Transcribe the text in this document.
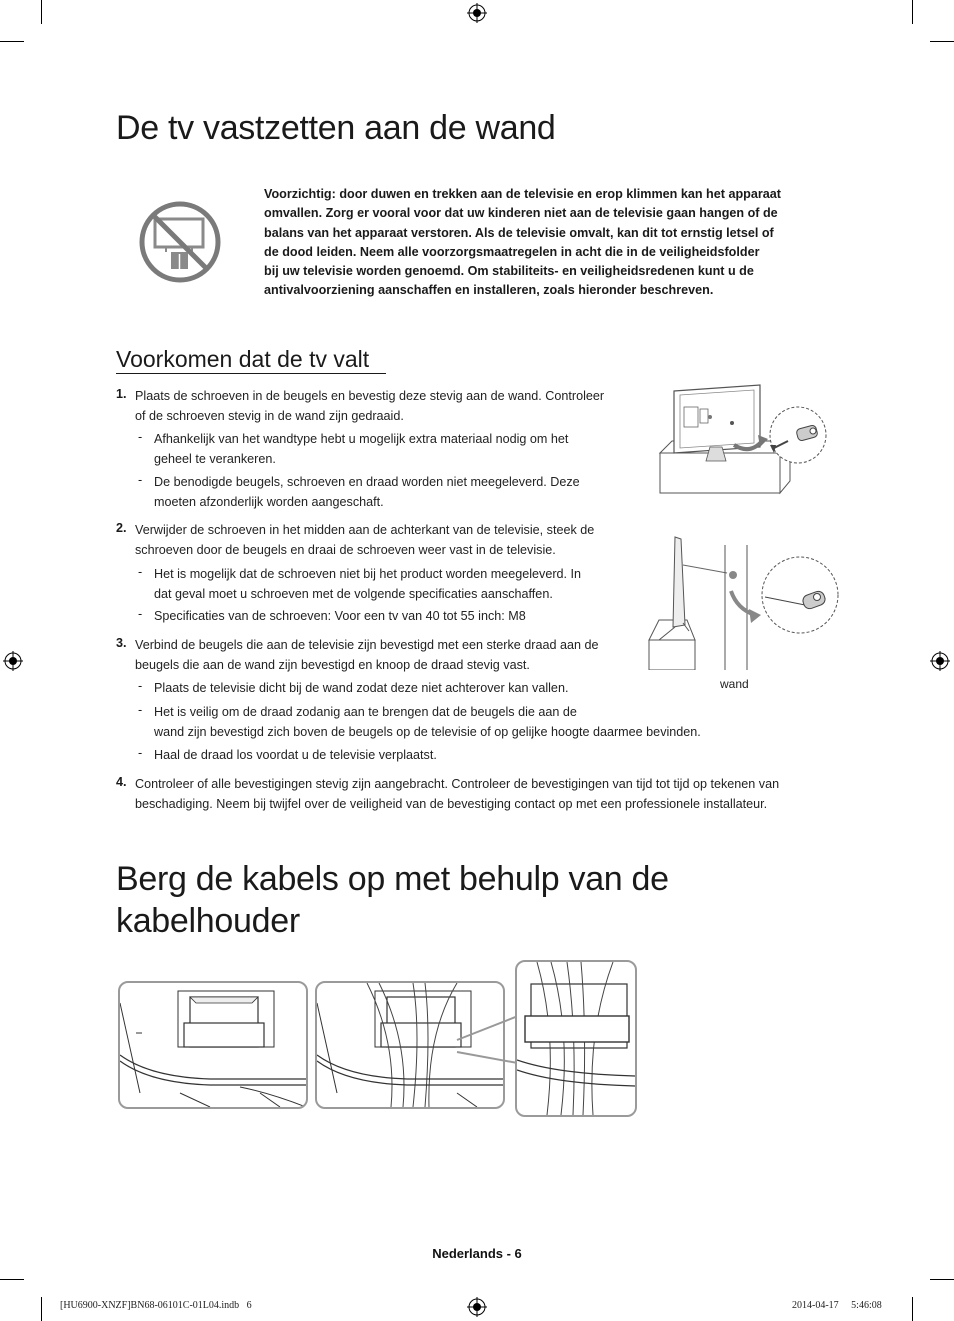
De tv vastzetten aan de wand
Voorzichtig: door duwen en trekken aan de televisie en erop klimmen kan het apparaat
omvallen. Zorg er vooral voor dat uw kinderen niet aan de televisie gaan hangen of de
balans van het apparaat verstoren. Als de televisie omvalt, kan dit tot ernstig letsel of
de dood leiden. Neem alle voorzorgsmaatregelen in acht die in de veiligheidsfolder
bij uw televisie worden genoemd. Om stabiliteits- en veiligheidsredenen kunt u de
antivalvoorziening aanschaffen en installeren, zoals hieronder beschreven.
Voorkomen dat de tv valt
1. Plaats de schroeven in de beugels en bevestig deze stevig aan de wand. Controleer
of de schroeven stevig in de wand zijn gedraaid.
- Afhankelijk van het wandtype hebt u mogelijk extra materiaal nodig om het
geheel te verankeren.
- De benodigde beugels, schroeven en draad worden niet meegeleverd. Deze
moeten afzonderlijk worden aangeschaft.
2. Verwijder de schroeven in het midden aan de achterkant van de televisie, steek de
schroeven door de beugels en draai de schroeven weer vast in de televisie.
- Het is mogelijk dat de schroeven niet bij het product worden meegeleverd. In
dat geval moet u schroeven met de volgende specificaties aanschaffen.
- Specificaties van de schroeven: Voor een tv van 40 tot 55 inch: M8
3. Verbind de beugels die aan de televisie zijn bevestigd met een sterke draad aan de
beugels die aan de wand zijn bevestigd en knoop de draad stevig vast.
- Plaats de televisie dicht bij de wand zodat deze niet achterover kan vallen.
- Het is veilig om de draad zodanig aan te brengen dat de beugels die aan de
wand zijn bevestigd zich boven de beugels op de televisie of op gelijke hoogte daarmee bevinden.
- Haal de draad los voordat u de televisie verplaatst.
4. Controleer of alle bevestigingen stevig zijn aangebracht. Controleer de bevestigingen van tijd tot tijd op tekenen van
beschadiging. Neem bij twijfel over de veiligheid van de bevestiging contact op met een professionele installateur.
wand
Berg de kabels op met behulp van de
kabelhouder
Nederlands - 6
[HU6900-XNZF]BN68-06101C-01L04.indb   6	2014-04-17   ​  5:46:08
